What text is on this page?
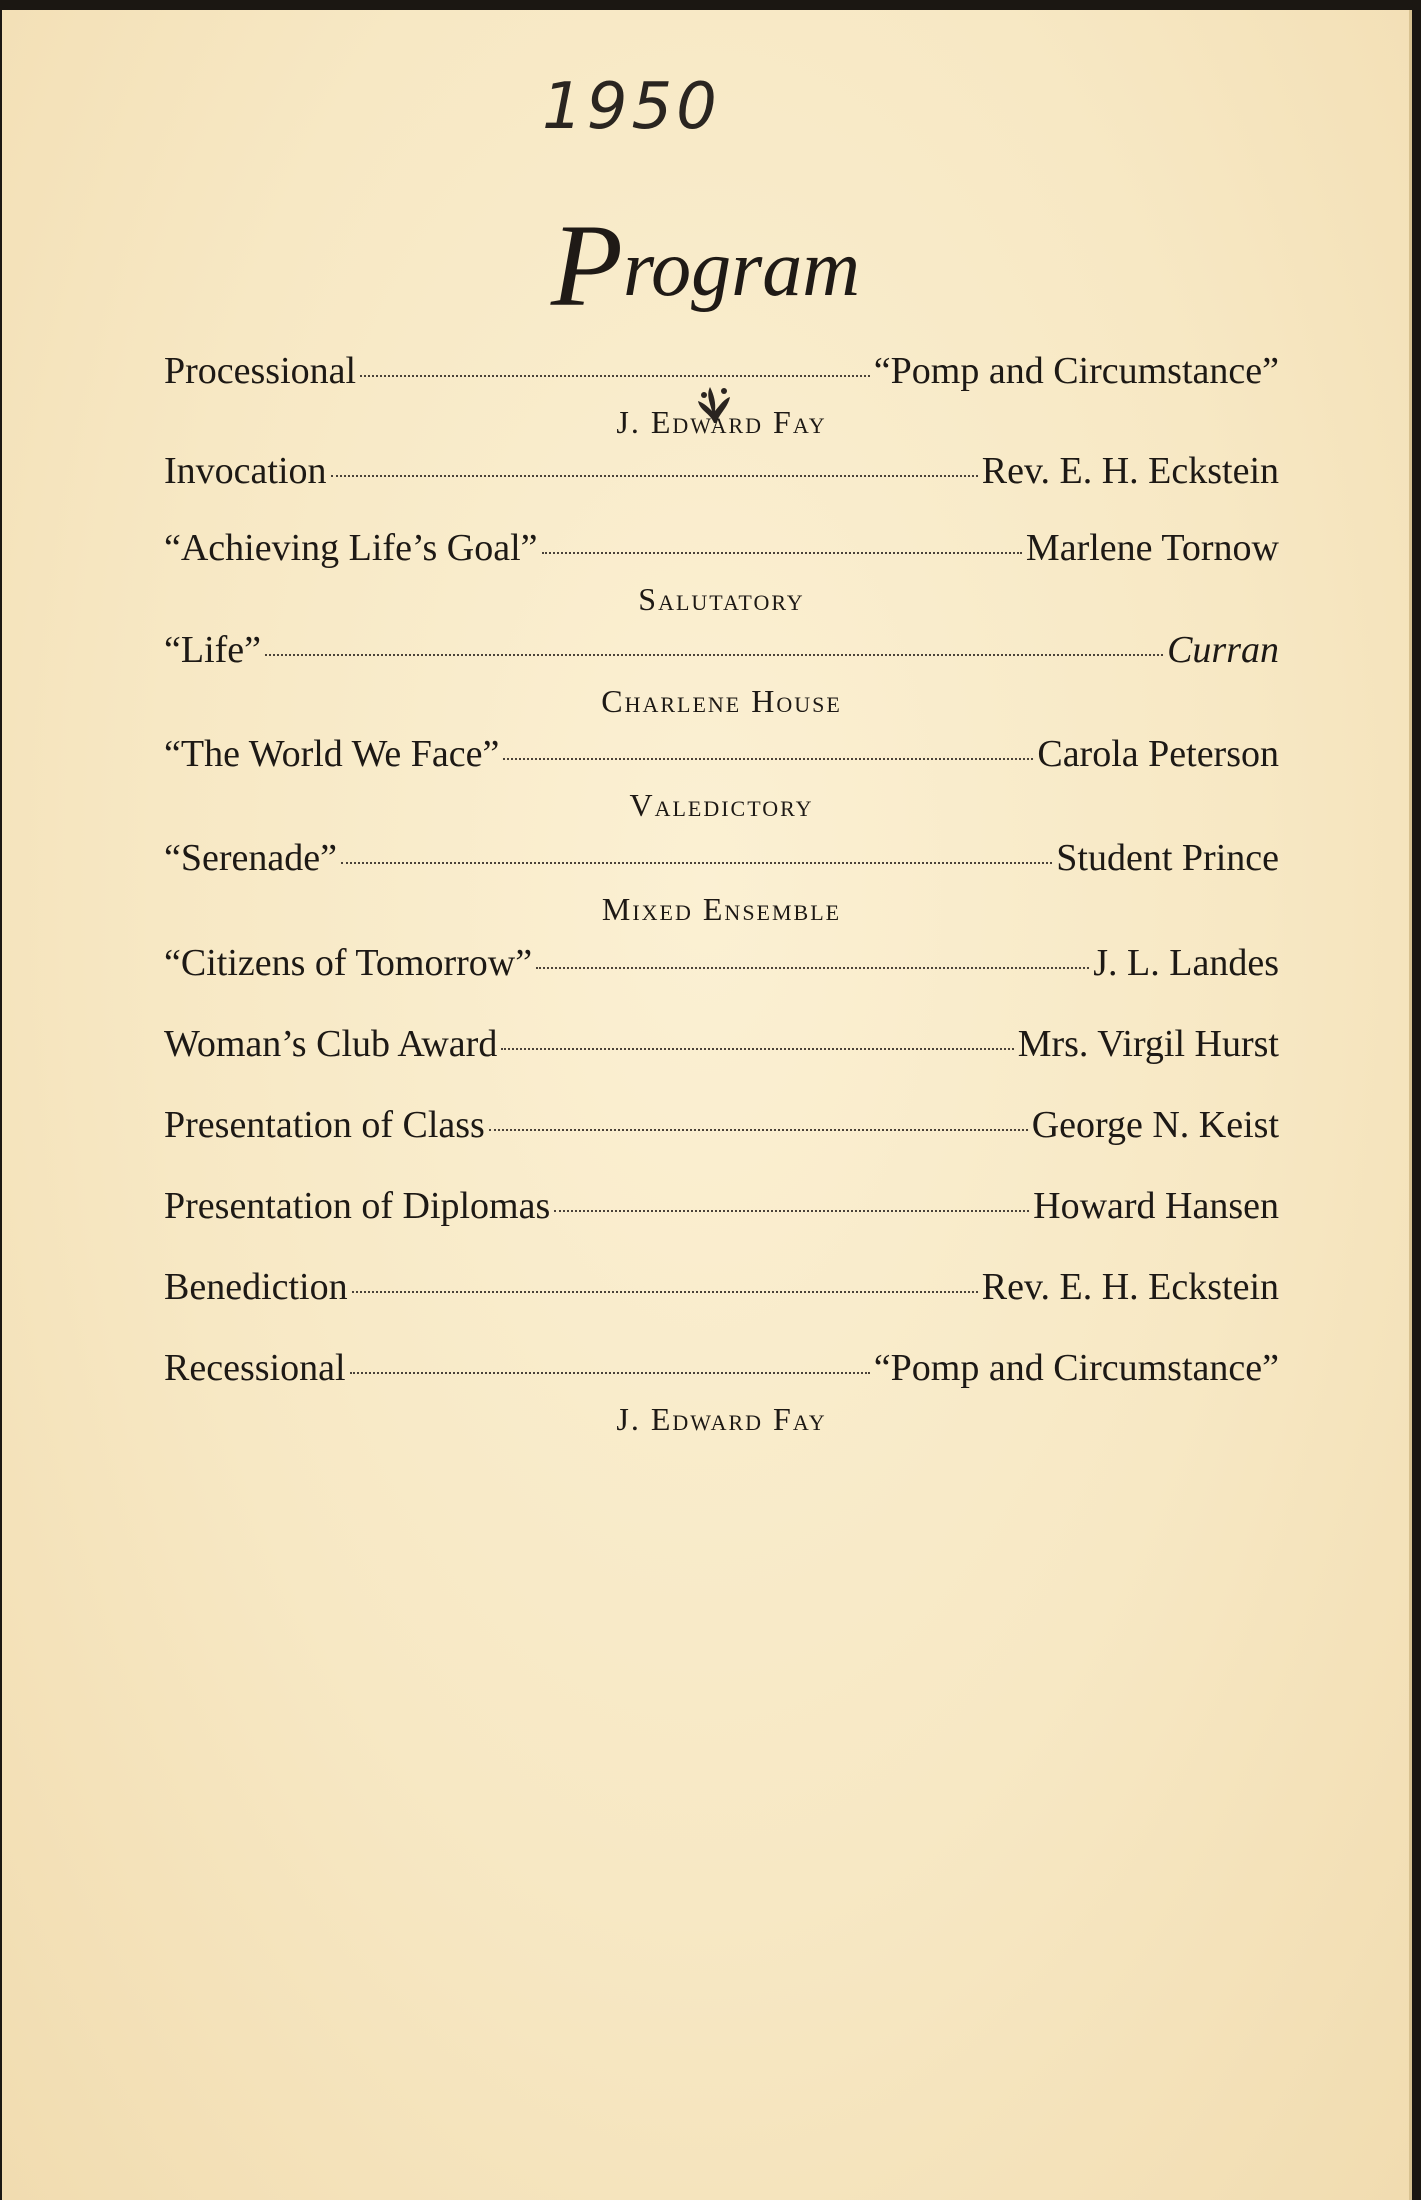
1950
Program
Processional	“Pomp and Circumstance”
J. Edward Fay
Invocation	Rev. E. H. Eckstein
“Achieving Life’s Goal”	Marlene Tornow
Salutatory
“Life”	Curran
Charlene House
“The World We Face”	Carola Peterson
Valedictory
“Serenade”	Student Prince
Mixed Ensemble
“Citizens of Tomorrow”	J. L. Landes
Woman’s Club Award	Mrs. Virgil Hurst
Presentation of Class	George N. Keist
Presentation of Diplomas	Howard Hansen
Benediction	Rev. E. H. Eckstein
Recessional	“Pomp and Circumstance”
J. Edward Fay
